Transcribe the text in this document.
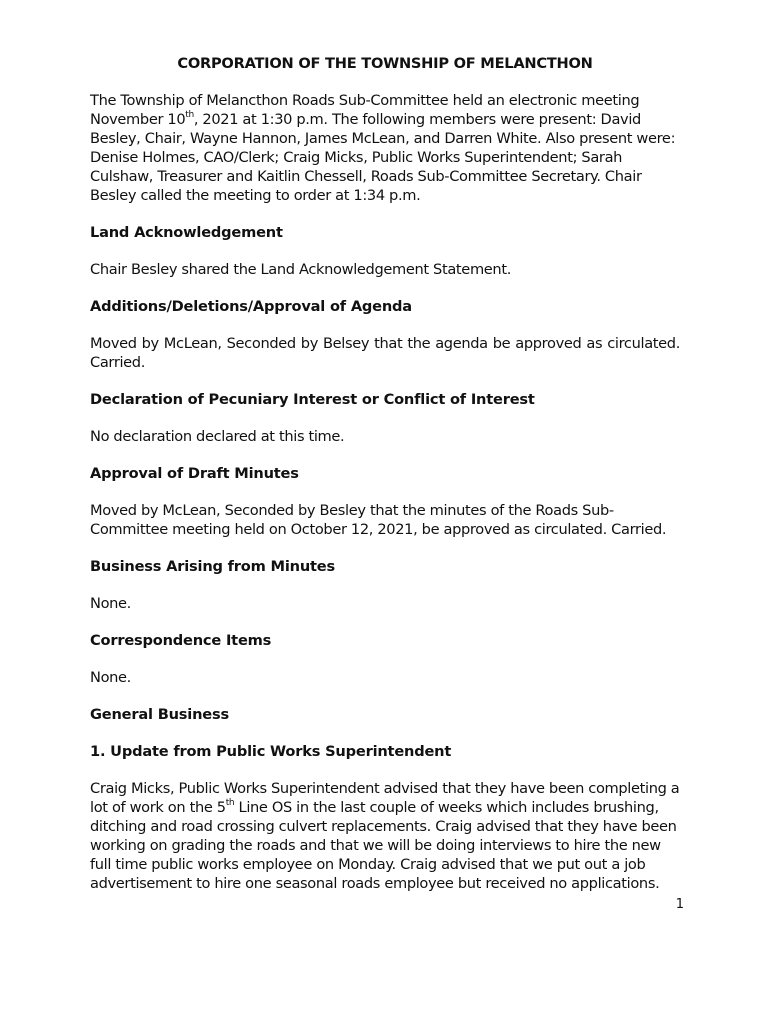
CORPORATION OF THE TOWNSHIP OF MELANCTHON

The Township of Melancthon Roads Sub-Committee held an electronic meeting November 10th, 2021 at 1:30 p.m. The following members were present: David Besley, Chair, Wayne Hannon, James McLean, and Darren White. Also present were: Denise Holmes, CAO/Clerk; Craig Micks, Public Works Superintendent; Sarah Culshaw, Treasurer and Kaitlin Chessell, Roads Sub-Committee Secretary. Chair Besley called the meeting to order at 1:34 p.m.

Land Acknowledgement

Chair Besley shared the Land Acknowledgement Statement.

Additions/Deletions/Approval of Agenda

Moved by McLean, Seconded by Belsey that the agenda be approved as circulated. Carried.

Declaration of Pecuniary Interest or Conflict of Interest

No declaration declared at this time.

Approval of Draft Minutes

Moved by McLean, Seconded by Besley that the minutes of the Roads Sub-Committee meeting held on October 12, 2021, be approved as circulated. Carried.

Business Arising from Minutes

None.

Correspondence Items

None.

General Business
1. Update from Public Works Superintendent

Craig Micks, Public Works Superintendent advised that they have been completing a lot of work on the 5th Line OS in the last couple of weeks which includes brushing, ditching and road crossing culvert replacements. Craig advised that they have been working on grading the roads and that we will be doing interviews to hire the new full time public works employee on Monday. Craig advised that we put out a job advertisement to hire one seasonal roads employee but received no applications.

1
